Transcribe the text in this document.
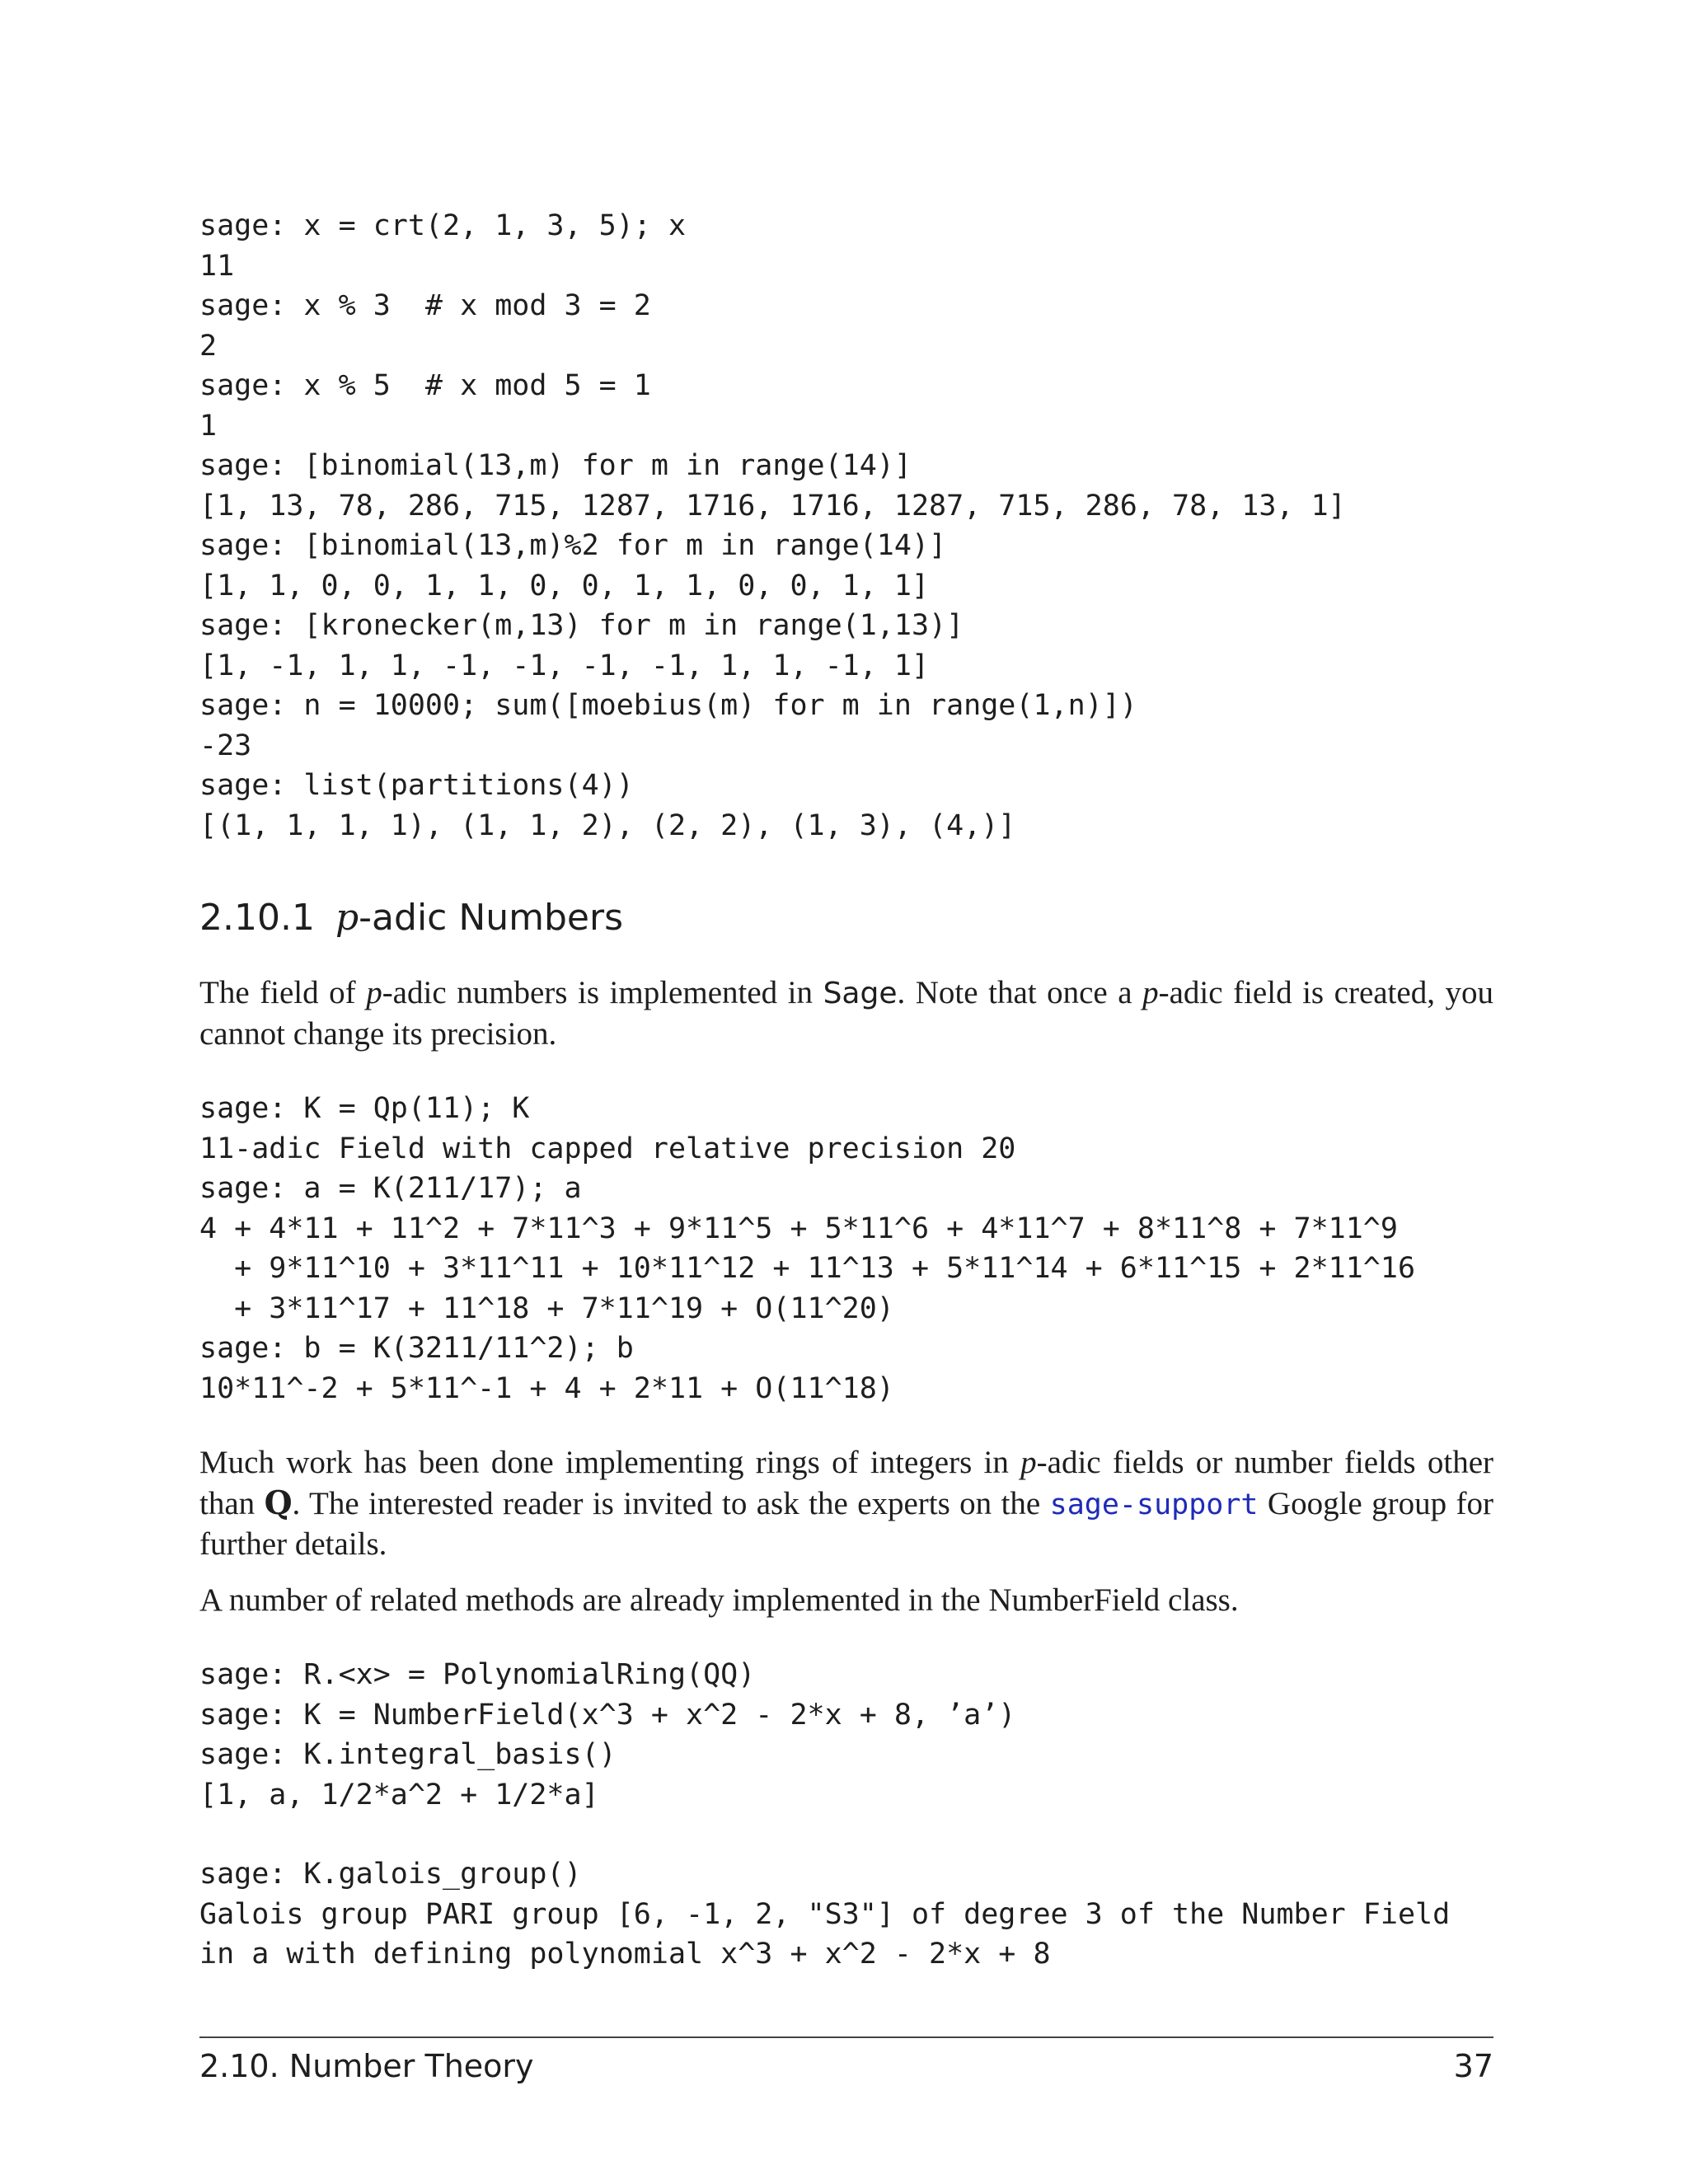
sage: x = crt(2, 1, 3, 5); x
11
sage: x % 3  # x mod 3 = 2
2
sage: x % 5  # x mod 5 = 1
1
sage: [binomial(13,m) for m in range(14)]
[1, 13, 78, 286, 715, 1287, 1716, 1716, 1287, 715, 286, 78, 13, 1]
sage: [binomial(13,m)%2 for m in range(14)]
[1, 1, 0, 0, 1, 1, 0, 0, 1, 1, 0, 0, 1, 1]
sage: [kronecker(m,13) for m in range(1,13)]
[1, -1, 1, 1, -1, -1, -1, -1, 1, 1, -1, 1]
sage: n = 10000; sum([moebius(m) for m in range(1,n)])
-23
sage: list(partitions(4))
[(1, 1, 1, 1), (1, 1, 2), (2, 2), (1, 3), (4,)]
2.10.1 p-adic Numbers

The field of p-adic numbers is implemented in Sage. Note that once a p-adic field is created, you cannot change its precision.

sage: K = Qp(11); K
11-adic Field with capped relative precision 20
sage: a = K(211/17); a
4 + 4*11 + 11^2 + 7*11^3 + 9*11^5 + 5*11^6 + 4*11^7 + 8*11^8 + 7*11^9
+ 9*11^10 + 3*11^11 + 10*11^12 + 11^13 + 5*11^14 + 6*11^15 + 2*11^16
+ 3*11^17 + 11^18 + 7*11^19 + O(11^20)
sage: b = K(3211/11^2); b
10*11^-2 + 5*11^-1 + 4 + 2*11 + O(11^18)

Much work has been done implementing rings of integers in p-adic fields or number fields other than Q. The interested reader is invited to ask the experts on the sage-support Google group for further details.

A number of related methods are already implemented in the NumberField class.

sage: R.<x> = PolynomialRing(QQ)
sage: K = NumberField(x^3 + x^2 - 2*x + 8, ’a’)
sage: K.integral_basis()
[1, a, 1/2*a^2 + 1/2*a]
sage: K.galois_group()
Galois group PARI group [6, -1, 2, "S3"] of degree 3 of the Number Field
in a with defining polynomial x^3 + x^2 - 2*x + 8
2.10. Number Theory	37
